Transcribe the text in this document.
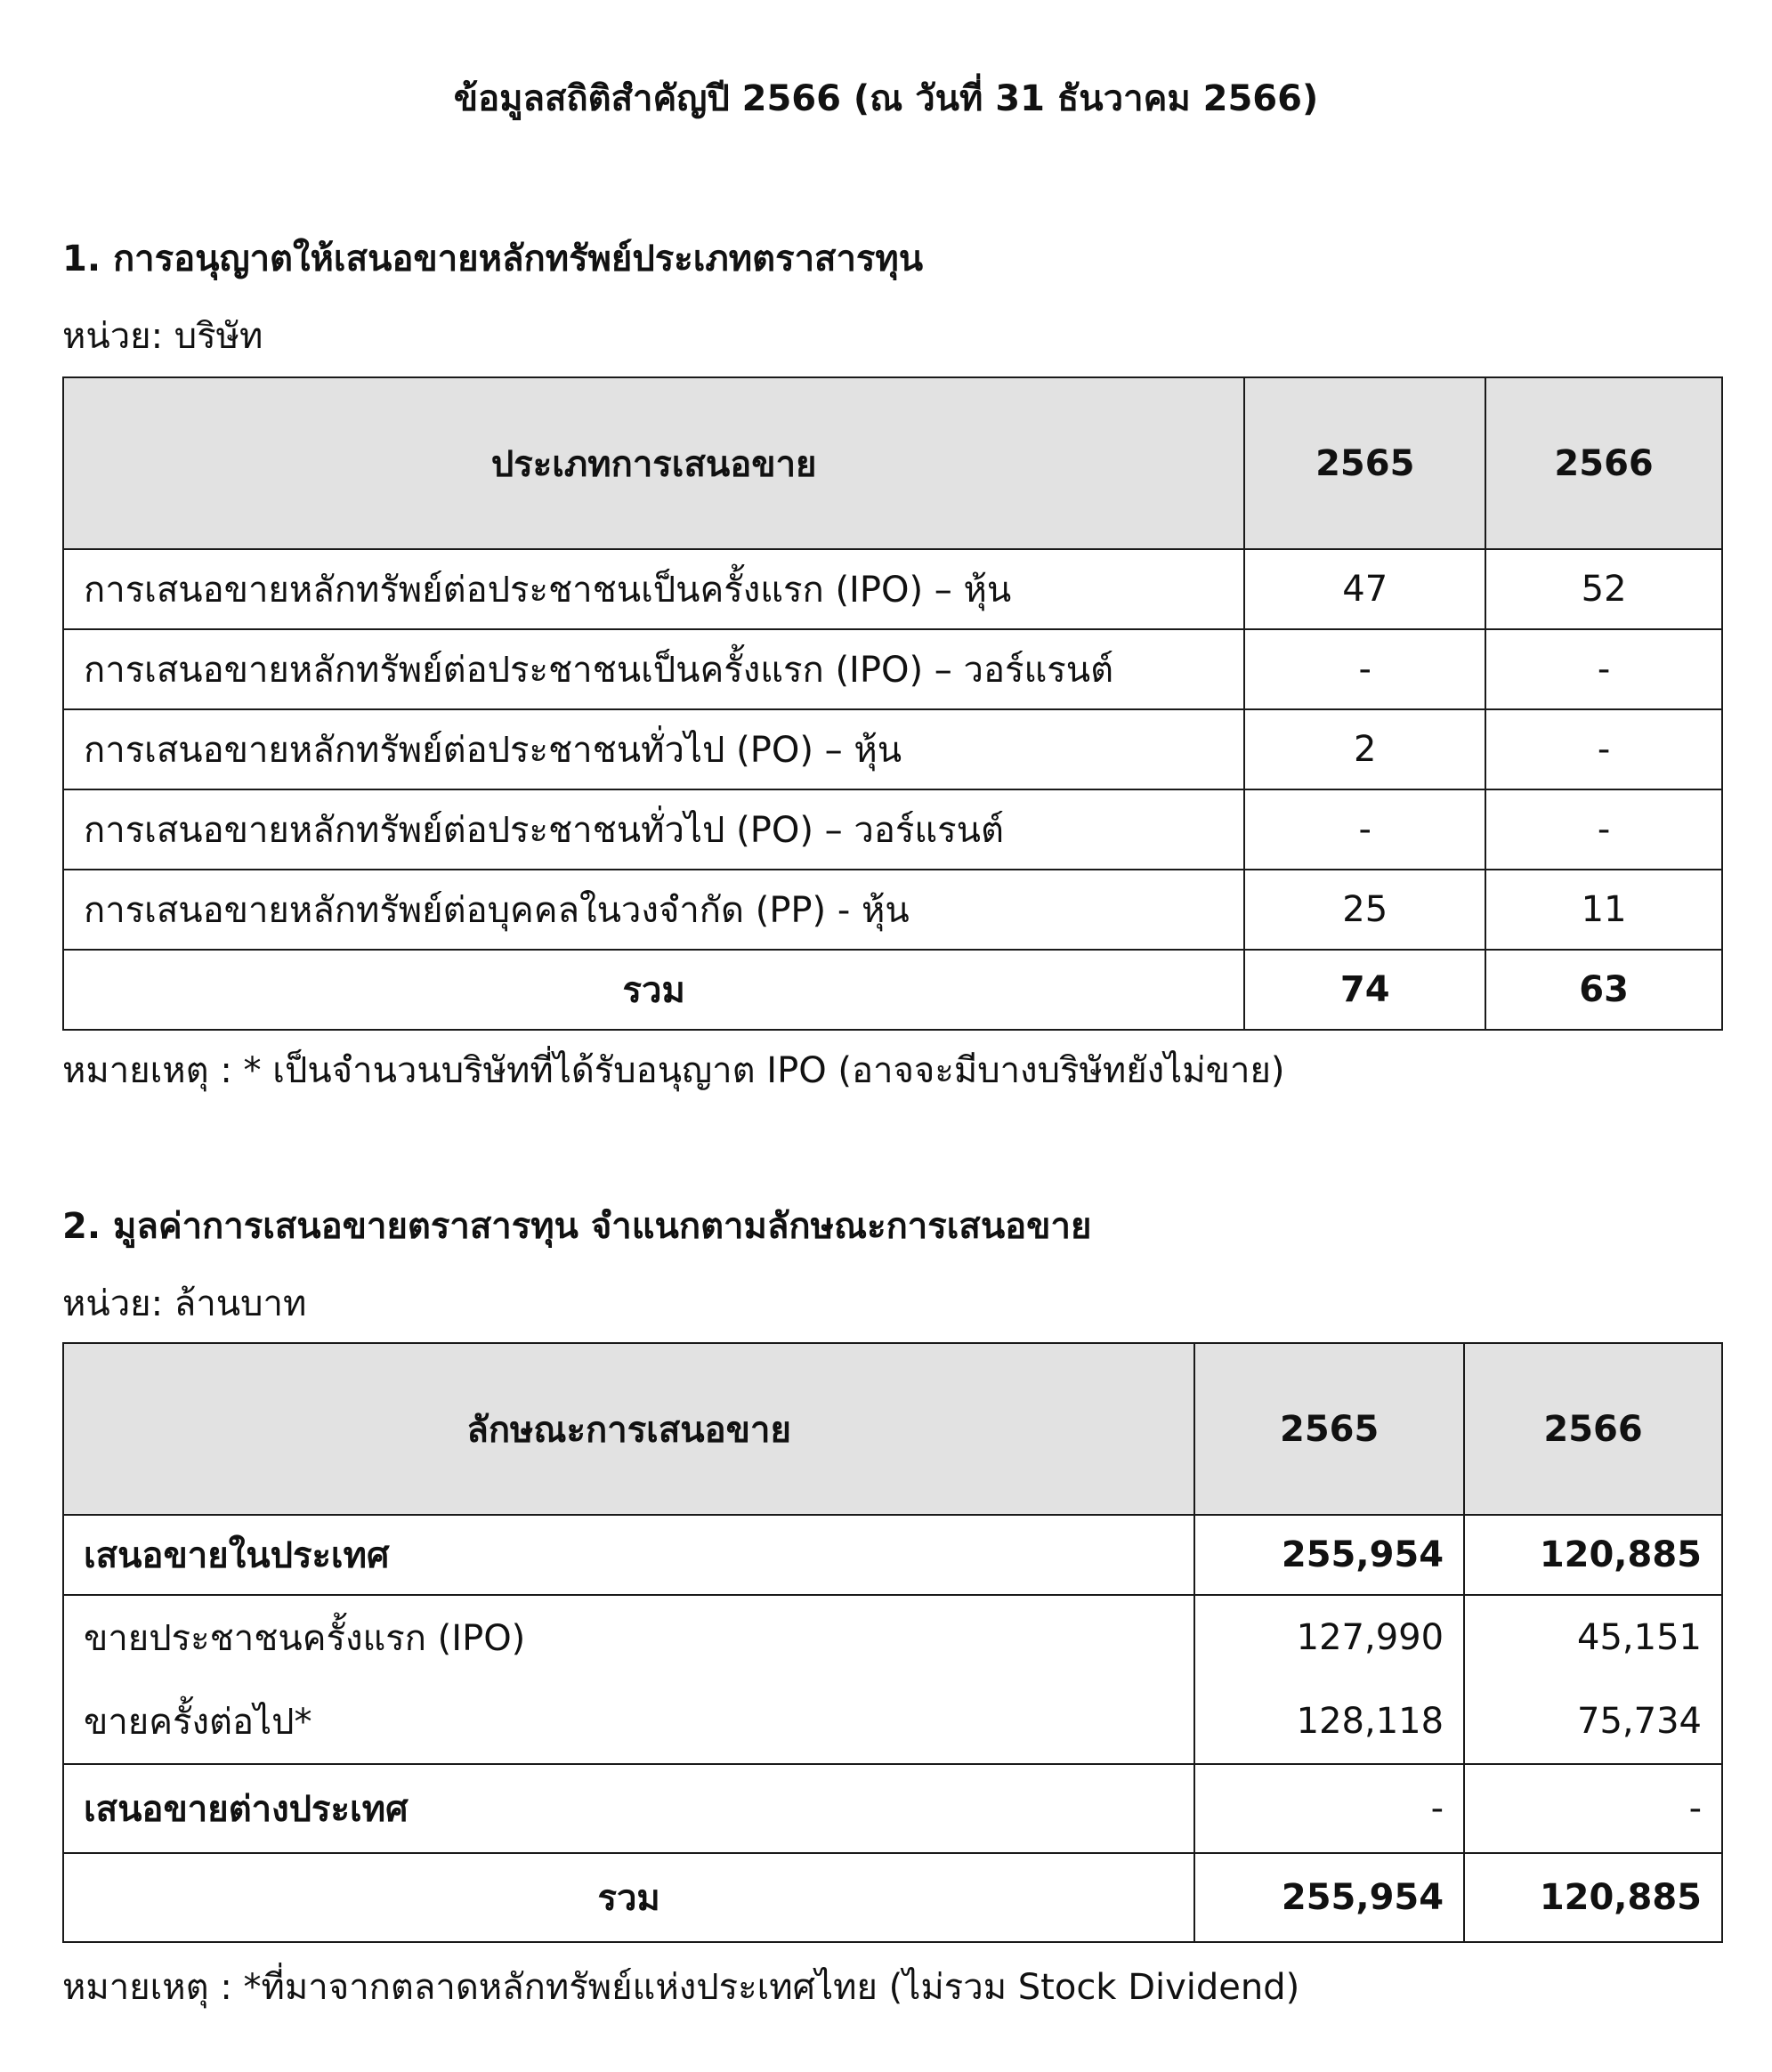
ข้อมูลสถิติสำคัญปี 2566 (ณ วันที่ 31 ธันวาคม 2566)
1. การอนุญาตให้เสนอขายหลักทรัพย์ประเภทตราสารทุน
หน่วย: บริษัท
ประเภทการเสนอขาย	2565	2566
การเสนอขายหลักทรัพย์ต่อประชาชนเป็นครั้งแรก (IPO) – หุ้น	47	52
การเสนอขายหลักทรัพย์ต่อประชาชนเป็นครั้งแรก (IPO) – วอร์แรนต์	-	-
การเสนอขายหลักทรัพย์ต่อประชาชนทั่วไป (PO) – หุ้น	2	-
การเสนอขายหลักทรัพย์ต่อประชาชนทั่วไป (PO) – วอร์แรนต์	-	-
การเสนอขายหลักทรัพย์ต่อบุคคลในวงจำกัด (PP) - หุ้น	25	11
รวม	74	63
หมายเหตุ : * เป็นจำนวนบริษัทที่ได้รับอนุญาต IPO (อาจจะมีบางบริษัทยังไม่ขาย)
2. มูลค่าการเสนอขายตราสารทุน จำแนกตามลักษณะการเสนอขาย
หน่วย: ล้านบาท
ลักษณะการเสนอขาย	2565	2566
เสนอขายในประเทศ	255,954	120,885
ขายประชาชนครั้งแรก (IPO)	127,990	45,151
ขายครั้งต่อไป*	128,118	75,734
เสนอขายต่างประเทศ	-	-
รวม	255,954	120,885
หมายเหตุ : *ที่มาจากตลาดหลักทรัพย์แห่งประเทศไทย (ไม่รวม Stock Dividend)
